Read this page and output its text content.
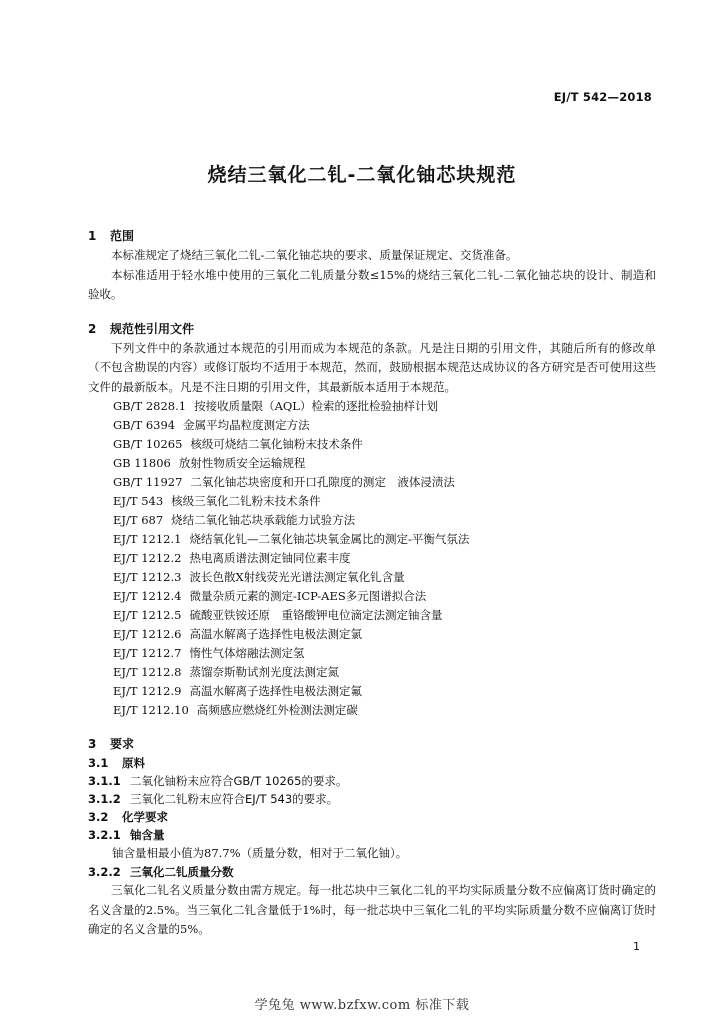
EJ/T 542—2018
烧结三氧化二钆-二氧化铀芯块规范
1 范围
本标准规定了烧结三氧化二钆-二氧化铀芯块的要求、质量保证规定、交货准备。
本标准适用于轻水堆中使用的三氧化二钆质量分数≤15%的烧结三氧化二钆-二氧化铀芯块的设计、制造和验收。
2 规范性引用文件
下列文件中的条款通过本规范的引用而成为本规范的条款。凡是注日期的引用文件，其随后所有的修改单（不包含勘误的内容）或修订版均不适用于本规范，然而，鼓励根据本规范达成协议的各方研究是否可使用这些文件的最新版本。凡是不注日期的引用文件，其最新版本适用于本规范。
GB/T 2828.1 按接收质量限（AQL）检索的逐批检验抽样计划
GB/T 6394 金属平均晶粒度测定方法
GB/T 10265 核级可烧结二氧化铀粉末技术条件
GB 11806 放射性物质安全运输规程
GB/T 11927 二氧化铀芯块密度和开口孔隙度的测定　液体浸渍法
EJ/T 543 核级三氧化二钆粉末技术条件
EJ/T 687 烧结二氧化铀芯块承载能力试验方法
EJ/T 1212.1 烧结氧化钆—二氧化铀芯块氧金属比的测定-平衡气氛法
EJ/T 1212.2 热电离质谱法测定铀同位素丰度
EJ/T 1212.3 波长色散X射线荧光光谱法测定氧化钆含量
EJ/T 1212.4 微量杂质元素的测定-ICP-AES多元图谱拟合法
EJ/T 1212.5 硫酸亚铁铵还原　重铬酸钾电位滴定法测定铀含量
EJ/T 1212.6 高温水解离子选择性电极法测定氯
EJ/T 1212.7 惰性气体熔融法测定氢
EJ/T 1212.8 蒸馏奈斯勒试剂光度法测定氮
EJ/T 1212.9 高温水解离子选择性电极法测定氟
EJ/T 1212.10 高频感应燃烧红外检测法测定碳
3 要求
3.1 原料
3.1.1 二氧化铀粉末应符合GB/T 10265的要求。
3.1.2 三氧化二钆粉末应符合EJ/T 543的要求。
3.2 化学要求
3.2.1 铀含量
铀含量相最小值为87.7%（质量分数，相对于二氧化铀）。
3.2.2 三氧化二钆质量分数
三氧化二钆名义质量分数由需方规定。每一批芯块中三氧化二钆的平均实际质量分数不应偏离订货时确定的名义含量的2.5%。当三氧化二钆含量低于1%时，每一批芯块中三氧化二钆的平均实际质量分数不应偏离订货时确定的名义含量的5%。
1
学兔兔 www.bzfxw.com 标准下载
